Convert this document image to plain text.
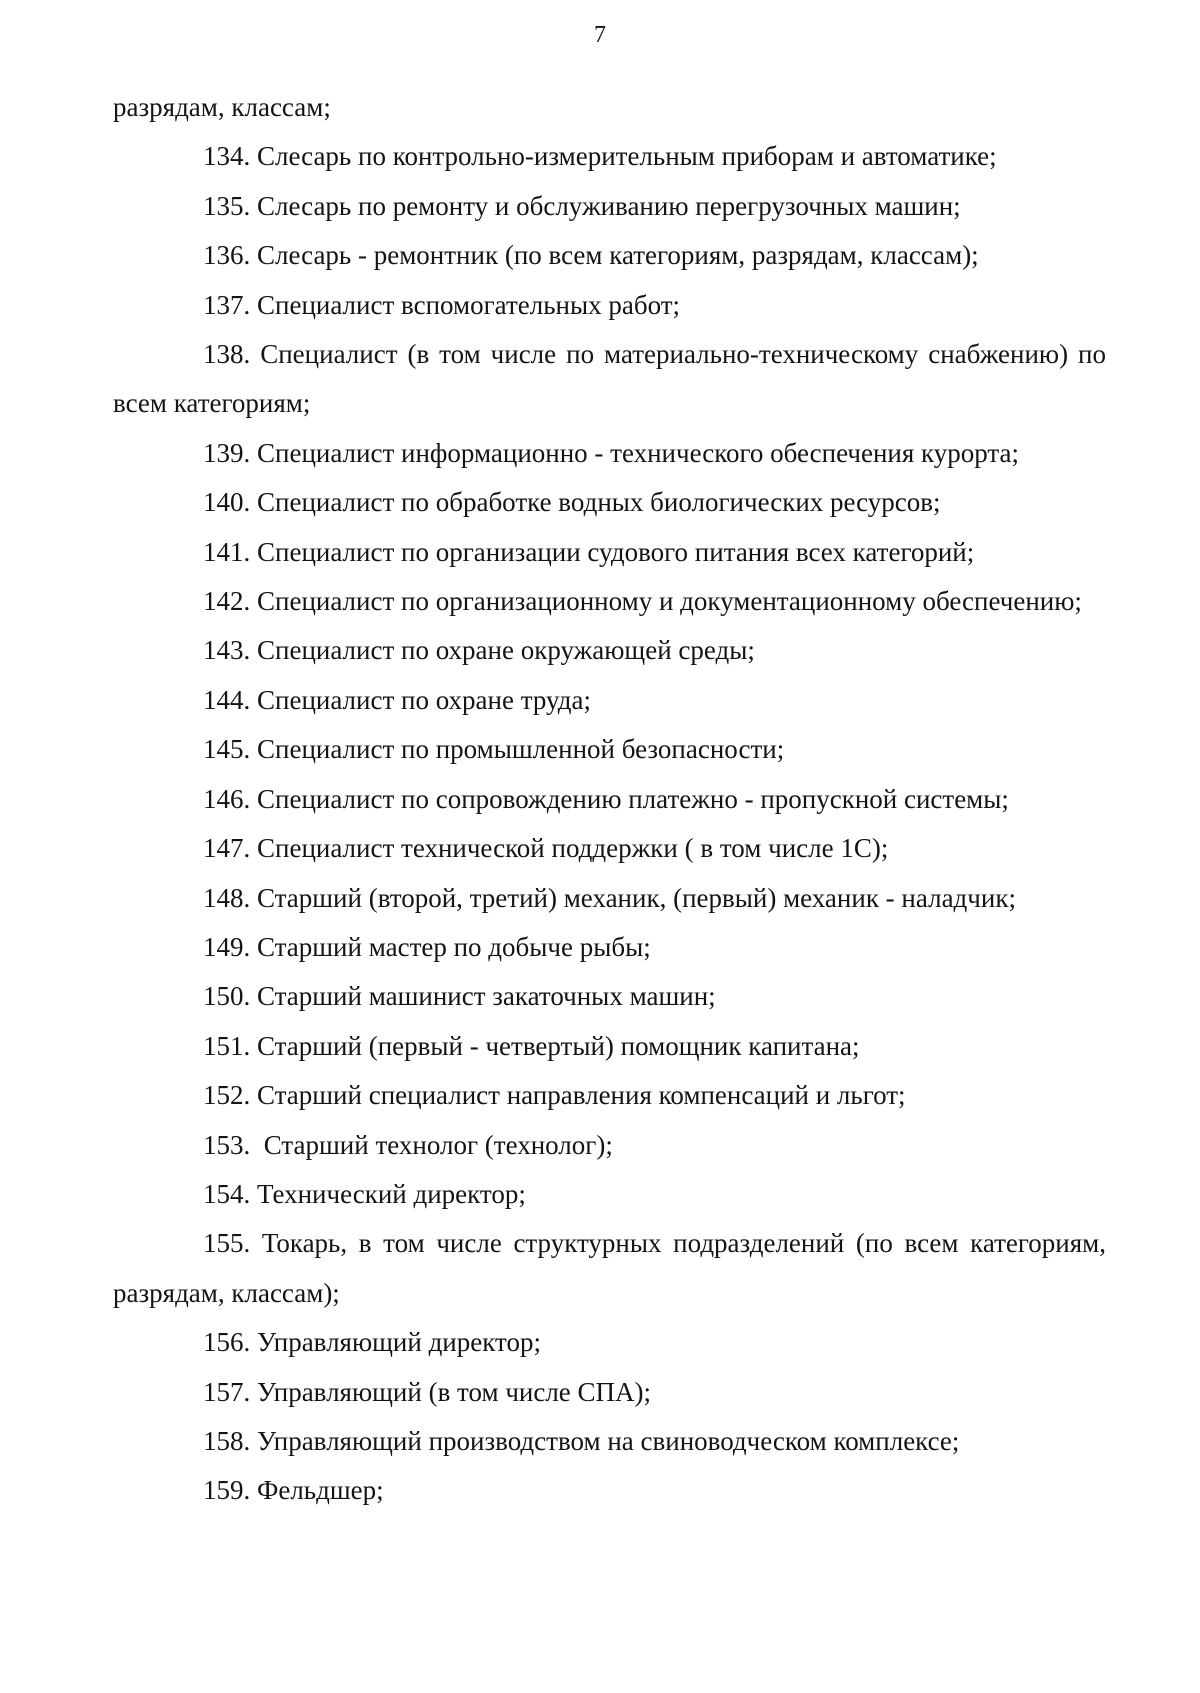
7

разрядам, классам;

134. Слесарь по контрольно-измерительным приборам и автоматике;

135. Слесарь по ремонту и обслуживанию перегрузочных машин;

136. Слесарь - ремонтник (по всем категориям, разрядам, классам);

137. Специалист вспомогательных работ;

138. Специалист (в том числе по материально-техническому снабжению) по всем категориям;

139. Специалист информационно - технического обеспечения курорта;

140. Специалист по обработке водных биологических ресурсов;

141. Специалист по организации судового питания всех категорий;

142. Специалист по организационному и документационному обеспечению;

143. Специалист по охране окружающей среды;

144. Специалист по охране труда;

145. Специалист по промышленной безопасности;

146. Специалист по сопровождению платежно - пропускной системы;

147. Специалист технической поддержки ( в том числе 1С);

148. Старший (второй, третий) механик, (первый) механик - наладчик;

149. Старший мастер по добыче рыбы;

150. Старший машинист закаточных машин;

151. Старший (первый - четвертый) помощник капитана;

152. Старший специалист направления компенсаций и льгот;

153.  Старший технолог (технолог);

154. Технический директор;

155. Токарь, в том числе структурных подразделений (по всем категориям, разрядам, классам);

156. Управляющий директор;

157. Управляющий (в том числе СПА);

158. Управляющий производством на свиноводческом комплексе;

159. Фельдшер;
